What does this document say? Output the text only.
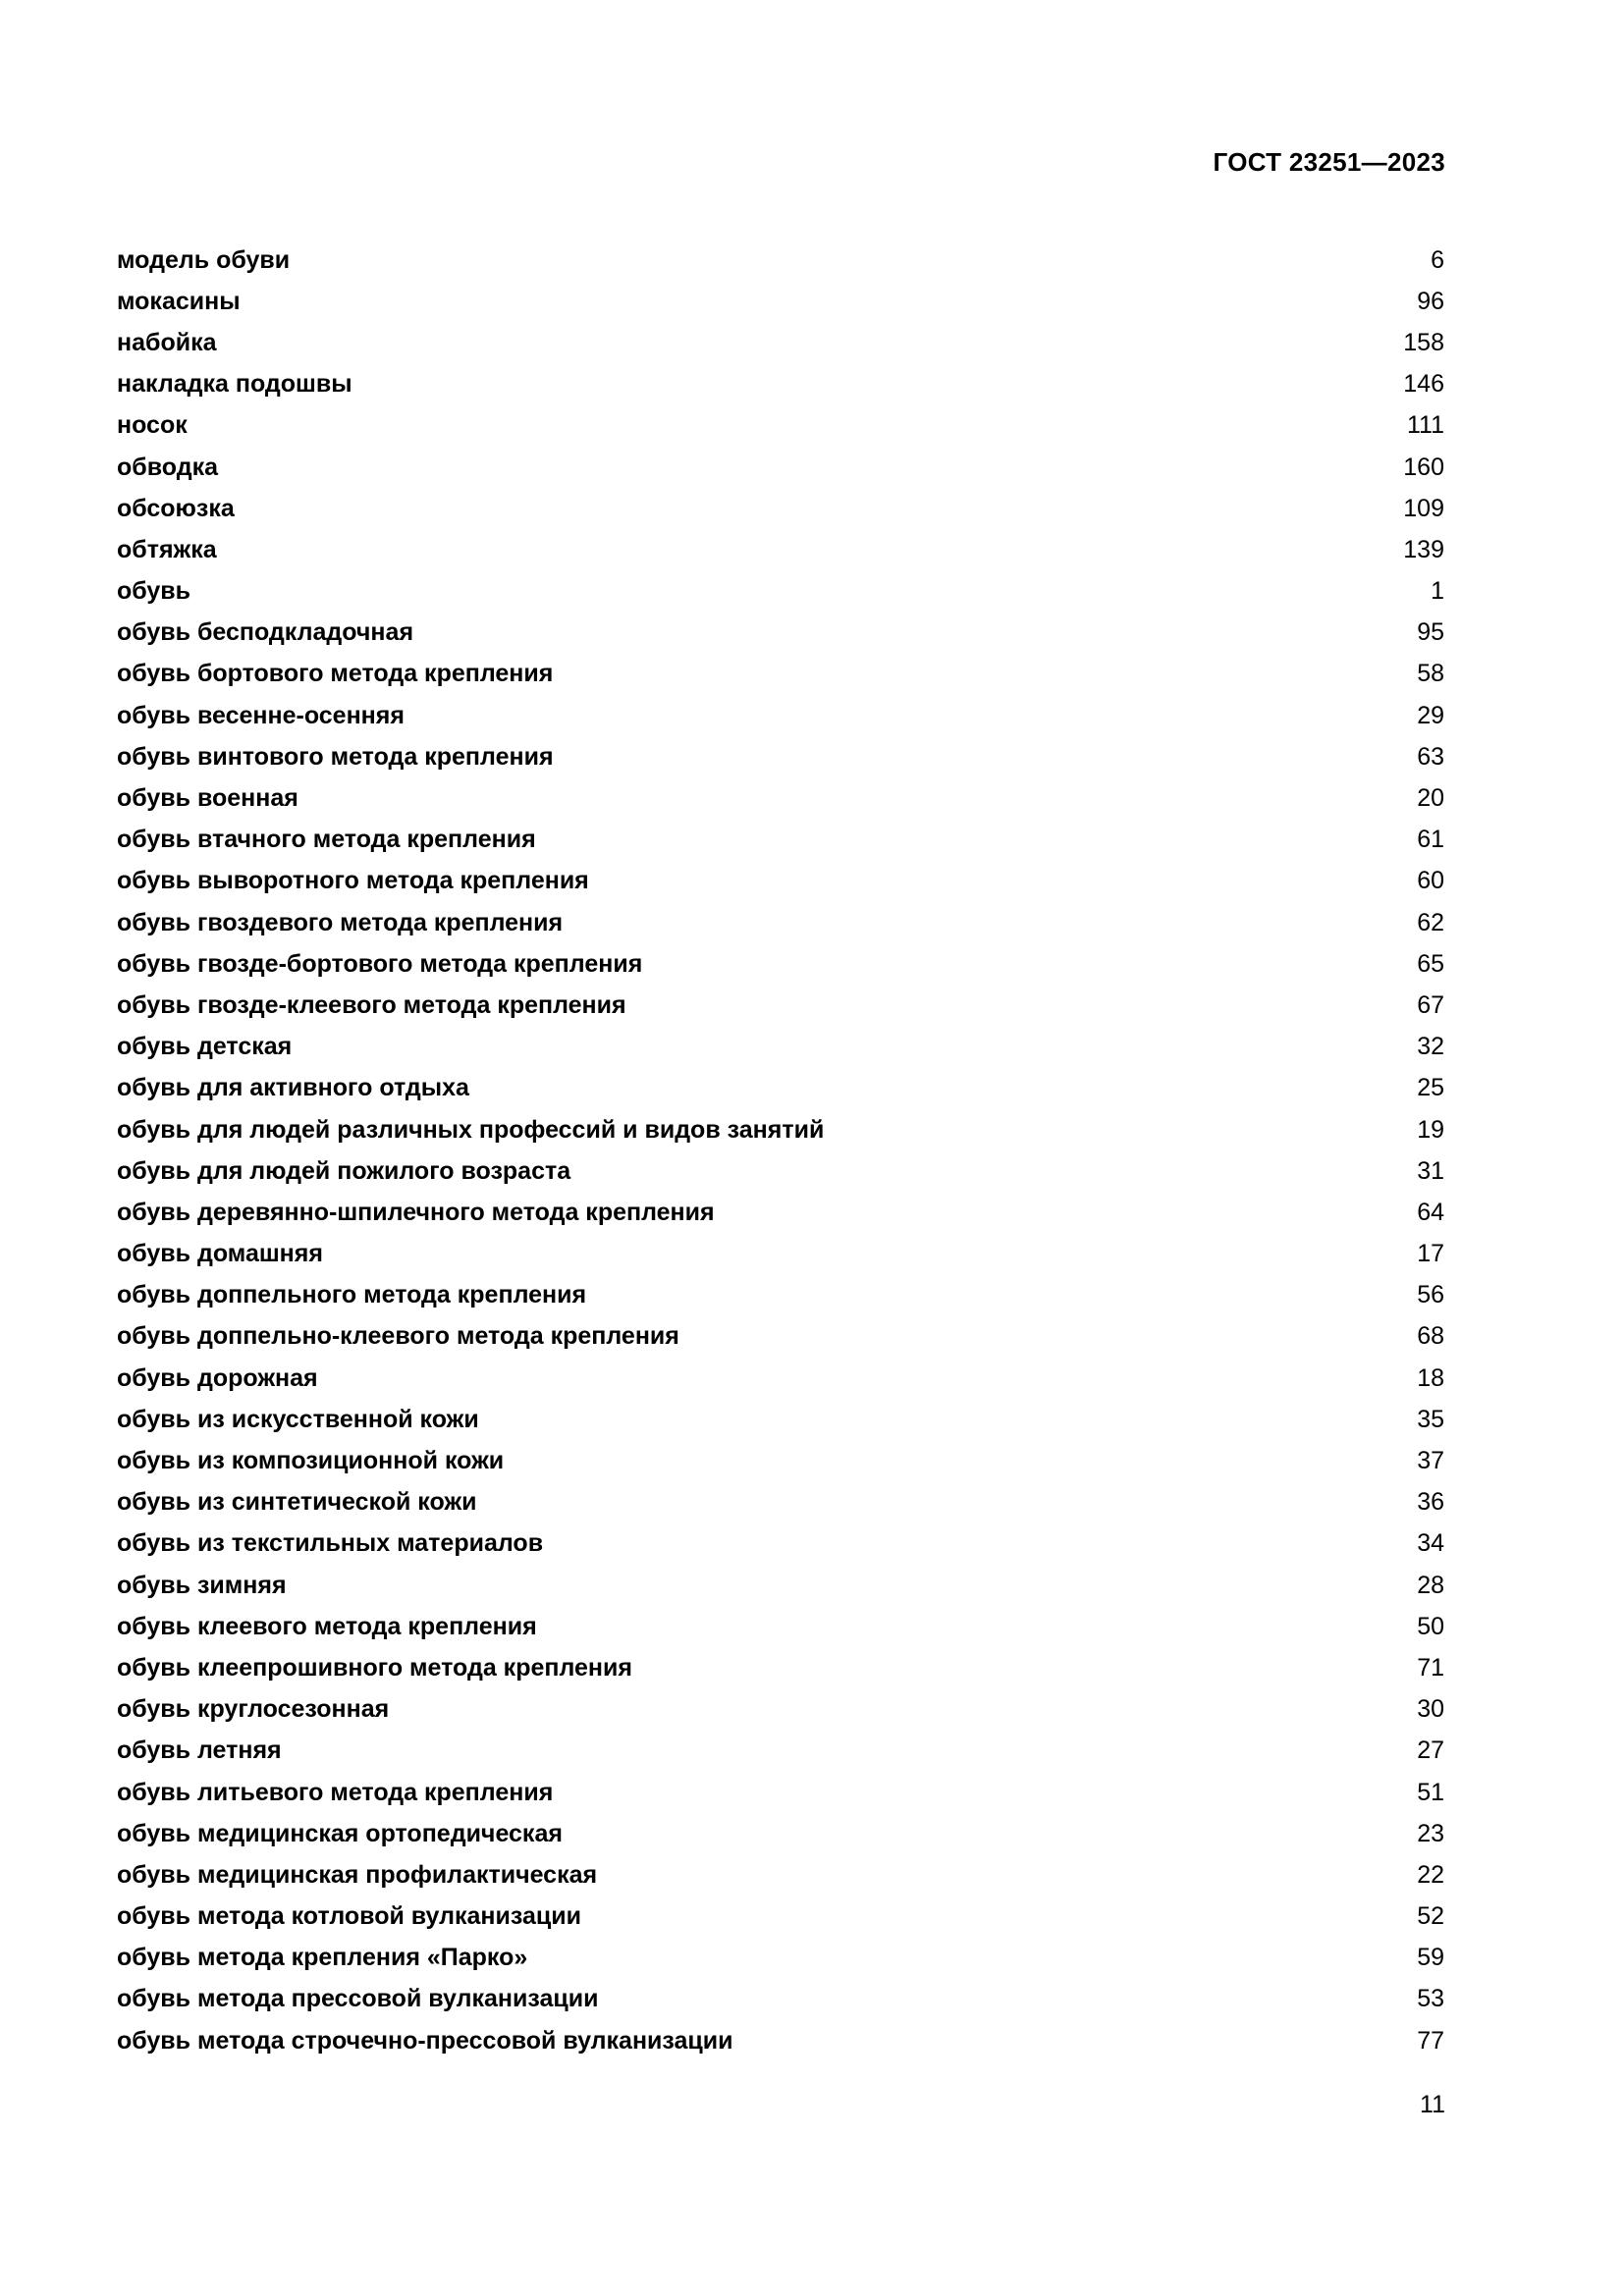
ГОСТ 23251—2023
модель обуви	6
мокасины	96
набойка	158
накладка подошвы	146
носок	111
обводка	160
обсоюзка	109
обтяжка	139
обувь	1
обувь бесподкладочная	95
обувь бортового метода крепления	58
обувь весенне-осенняя	29
обувь винтового метода крепления	63
обувь военная	20
обувь втачного метода крепления	61
обувь выворотного метода крепления	60
обувь гвоздевого метода крепления	62
обувь гвозде-бортового метода крепления	65
обувь гвозде-клеевого метода крепления	67
обувь детская	32
обувь для активного отдыха	25
обувь для людей различных профессий и видов занятий	19
обувь для людей пожилого возраста	31
обувь деревянно-шпилечного метода крепления	64
обувь домашняя	17
обувь доппельного метода крепления	56
обувь доппельно-клеевого метода крепления	68
обувь дорожная	18
обувь из искусственной кожи	35
обувь из композиционной кожи	37
обувь из синтетической кожи	36
обувь из текстильных материалов	34
обувь зимняя	28
обувь клеевого метода крепления	50
обувь клеепрошивного метода крепления	71
обувь круглосезонная	30
обувь летняя	27
обувь литьевого метода крепления	51
обувь медицинская ортопедическая	23
обувь медицинская профилактическая	22
обувь метода котловой вулканизации	52
обувь метода крепления «Парко»	59
обувь метода прессовой вулканизации	53
обувь метода строчечно-прессовой вулканизации	77
11
